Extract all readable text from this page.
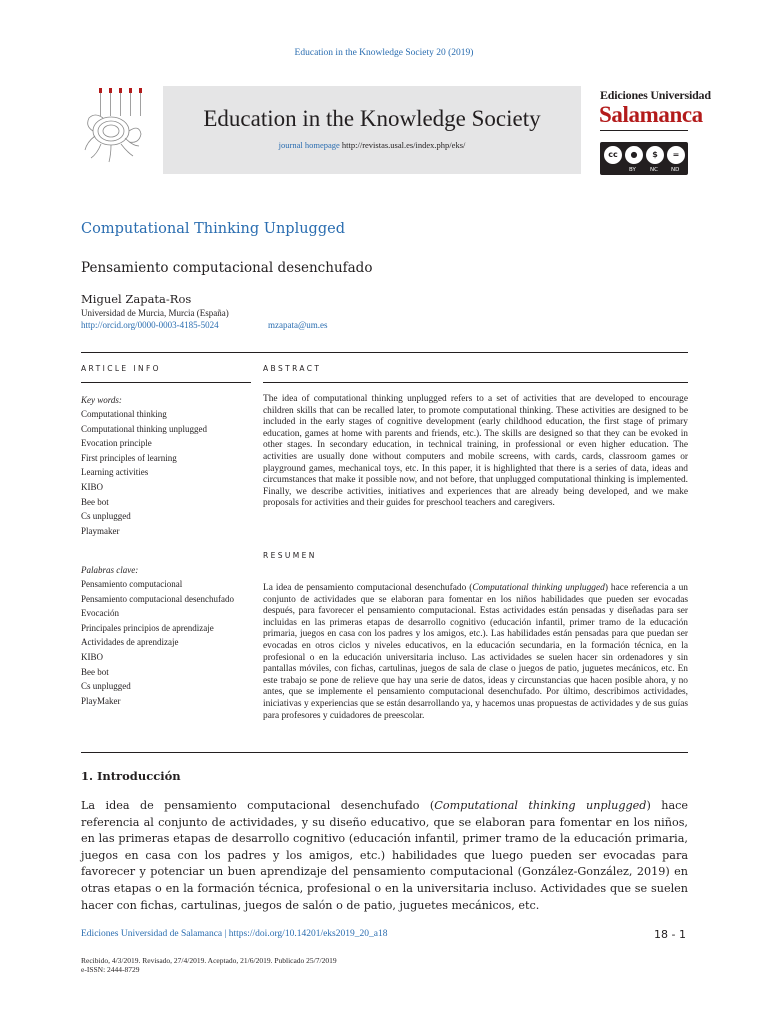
Education in the Knowledge Society 20 (2019)
Education in the Knowledge Society
journal homepage http://revistas.usal.es/index.php/eks/
Ediciones Universidad
Salamanca
cc	●	$	=
BY	NC ND
Computational Thinking Unplugged
Pensamiento computacional desenchufado
Miguel Zapata-Ros
Universidad de Murcia, Murcia (España)
http://orcid.org/0000-0003-4185-5024	mzapata@um.es
ARTICLE INFO
Key words:
Computational thinking
Computational thinking unplugged
Evocation principle
First principles of learning
Learning activities
KIBO
Bee bot
Cs unplugged
Playmaker
Palabras clave:
Pensamiento computacional
Pensamiento computacional desenchufado
Evocación
Principales principios de aprendizaje
Actividades de aprendizaje
KIBO
Bee bot
Cs unplugged
PlayMaker
ABSTRACT

The idea of computational thinking unplugged refers to a set of activities that are developed to encourage children skills that can be recalled later, to promote computational thinking. These activities are designed to be included in the early stages of cognitive development (early childhood education, the first stage of primary education, games at home with parents and friends, etc.). The skills are designed so that they can be evoked in other stages. In secondary education, in technical training, in professional or even higher education. The activities are usually done without computers and mobile screens, with cards, cards, classroom games or playground games, mechanical toys, etc. In this paper, it is highlighted that there is a series of data, ideas and circumstances that make it possible now, and not before, that unplugged computational thinking is implemented. Finally, we describe activities, initiatives and experiences that are already being developed, and we make proposals for activities and their guides for preschool teachers and caregivers.

RESUMEN

La idea de pensamiento computacional desenchufado (Computational thinking unplugged) hace referencia a un conjunto de actividades que se elaboran para fomentar en los niños habilidades que pueden ser evocadas después, para favorecer el pensamiento computacional. Estas actividades están pensadas y diseñadas para ser incluidas en las primeras etapas de desarrollo cognitivo (educación infantil, primer tramo de la educación primaria, juegos en casa con los padres y los amigos, etc.). Las habilidades están pensadas para que puedan ser evocadas en otros ciclos y niveles educativos, en la educación secundaria, en la formación técnica, en la profesional o en la educación universitaria incluso. Las actividades se suelen hacer sin ordenadores y sin pantallas móviles, con fichas, cartulinas, juegos de sala de clase o juegos de patio, juguetes mecánicos, etc. En este trabajo se pone de relieve que hay una serie de datos, ideas y circunstancias que hacen posible ahora, y no antes, que se implemente el pensamiento computacional desenchufado. Por último, describimos actividades, iniciativas y experiencias que se están desarrollando ya, y hacemos unas propuestas de actividades y de sus guías para profesores y cuidadores de preescolar.

1. Introducción

La idea de pensamiento computacional desenchufado (Computational thinking unplugged) hace referencia al conjunto de actividades, y su diseño educativo, que se elaboran para fomentar en los niños, en las primeras etapas de desarrollo cognitivo (educación infantil, primer tramo de la educación primaria, juegos en casa con los padres y los amigos, etc.) habilidades que luego pueden ser evocadas para favorecer y potenciar un buen aprendizaje del pensamiento computacional (González-González, 2019) en otras etapas o en la formación técnica, profesional o en la universitaria incluso. Actividades que se suelen hacer con fichas, cartulinas, juegos de salón o de patio, juguetes mecánicos, etc.

Ediciones Universidad de Salamanca | https://doi.org/10.14201/eks2019_20_a18	18 - 1
Recibido, 4/3/2019. Revisado, 27/4/2019. Aceptado, 21/6/2019. Publicado 25/7/2019
e-ISSN: 2444-8729
